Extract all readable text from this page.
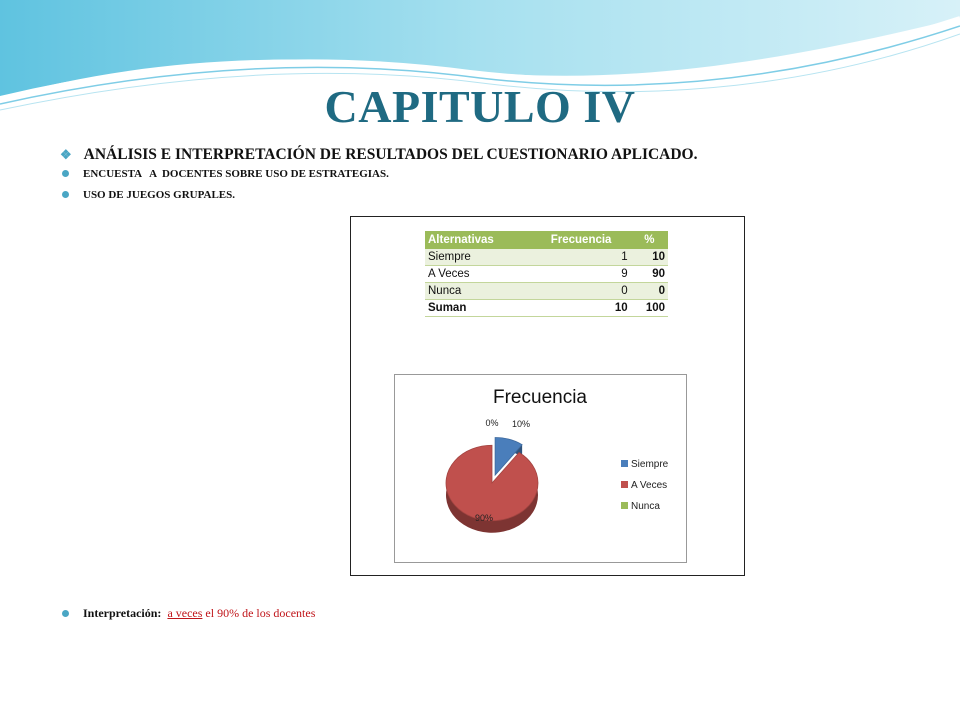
CAPITULO IV
❖ ANÁLISIS E INTERPRETACIÓN DE RESULTADOS DEL CUESTIONARIO APLICADO.
ENCUESTA   A  DOCENTES SOBRE USO DE ESTRATEGIAS.
USO DE JUEGOS GRUPALES.
Alternativas	Frecuencia	%
Siempre	1	10
A Veces	9	90
Nunca	0	0
Suman	10	100
Frecuencia
10%
90%
0%
Siempre
A Veces
Nunca
Interpretación: a veces el 90% de los docentes
